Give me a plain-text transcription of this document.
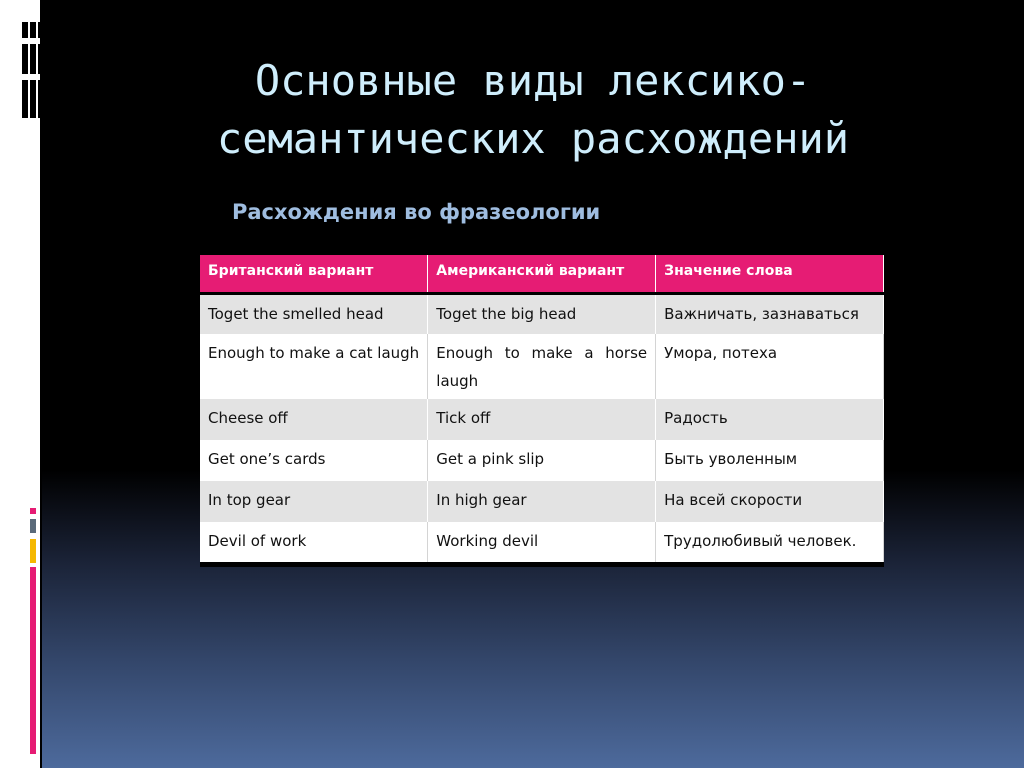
Основные виды лексико-
семантических расхождений
Расхождения во фразеологии
Британский вариант	Американский вариант	Значение слова
Toget the smelled head	Toget the big head	Важничать, зазнаваться
Enough to make a cat laugh	Enough to make a horse laugh	Умора, потеха
Cheese off	Tick off	Радость
Get one’s cards	Get a pink slip	Быть уволенным
In top gear	In high gear	На всей скорости
Devil of work	Working devil	Трудолюбивый человек.
